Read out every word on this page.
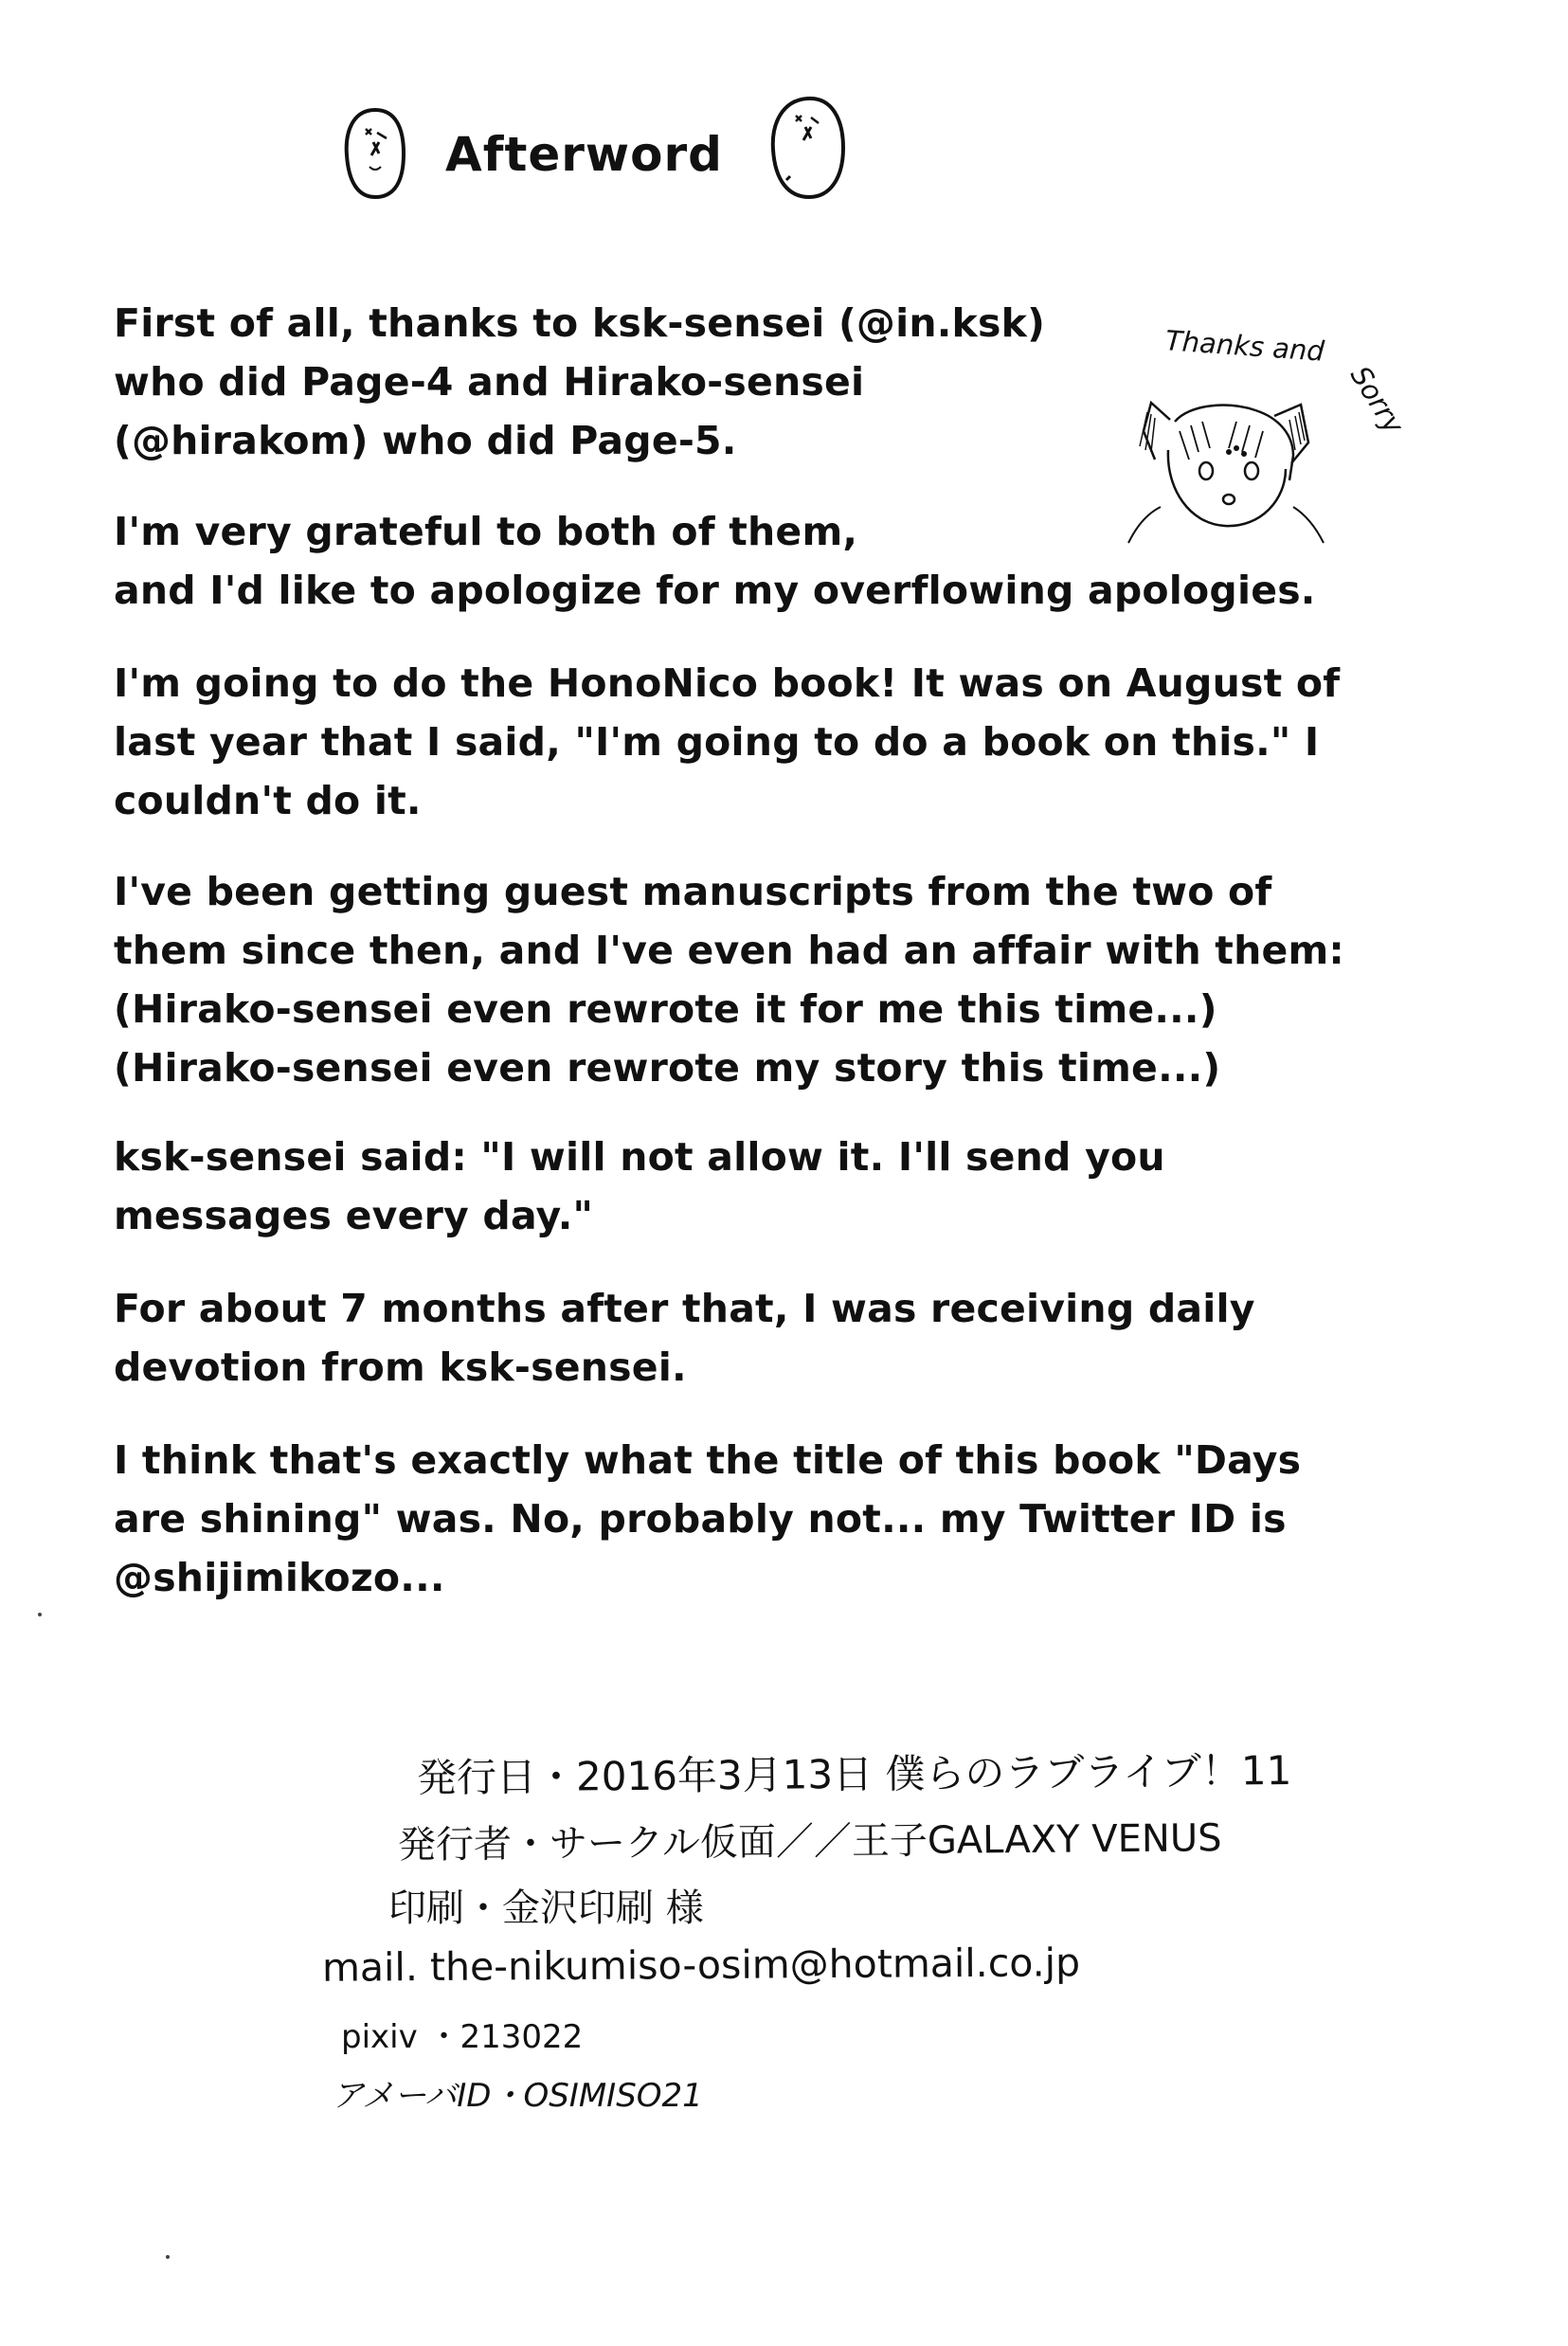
Afterword
Thanks and
Sorry
First of all, thanks to ksk-sensei (@in.ksk)
who did Page-4 and Hirako-sensei
(@hirakom) who did Page-5.
I'm very grateful to both of them,
and I'd like to apologize for my overflowing apologies.
I'm going to do the HonoNico book! It was on August of
last year that I said, "I'm going to do a book on this." I
couldn't do it.
I've been getting guest manuscripts from the two of
them since then, and I've even had an affair with them:
(Hirako-sensei even rewrote it for me this time...)
(Hirako-sensei even rewrote my story this time...)
ksk-sensei said: "I will not allow it. I'll send you
messages every day."
For about 7 months after that, I was receiving daily
devotion from ksk-sensei.
I think that's exactly what the title of this book "Days
are shining" was. No, probably not... my Twitter ID is
@shijimikozo...
発行日・2016年3月13日 僕らのラブライブ！11
発行者・サークル仮面／／王子GALAXY VENUS
印刷・金沢印刷 様
mail. the-nikumiso-osim@hotmail.co.jp
pixiv ・213022
アメーバID・OSIMISO21
